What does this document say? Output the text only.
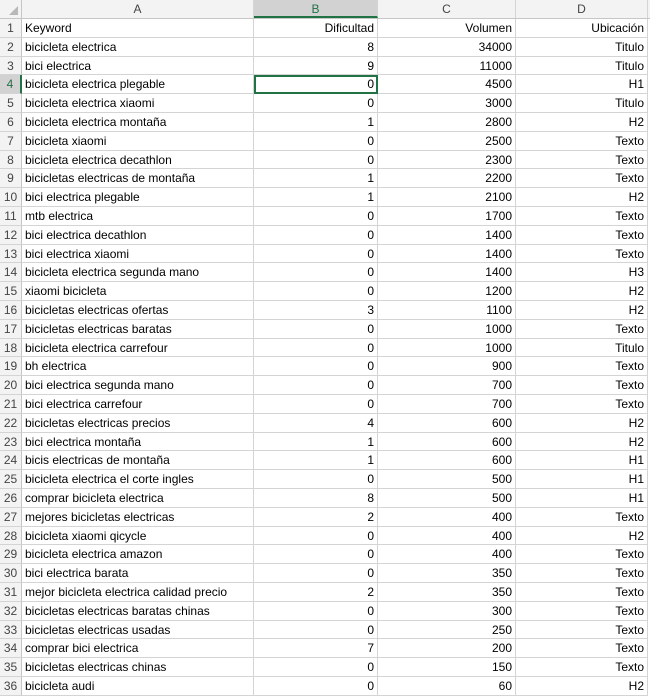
A	B	C	D
1 Keyword	Dificultad	Volumen	Ubicación
2 bicicleta electrica	8	34000	Titulo
3 bici electrica	9	11000	Titulo
4 bicicleta electrica plegable	0	4500	H1
5 bicicleta electrica xiaomi	0	3000	Titulo
6 bicicleta electrica montaña	1	2800	H2
7 bicicleta xiaomi	0	2500	Texto
8 bicicleta electrica decathlon	0	2300	Texto
9 bicicletas electricas de montaña	1	2200	Texto
10 bici electrica plegable	1	2100	H2
11 mtb electrica	0	1700	Texto
12 bici electrica decathlon	0	1400	Texto
13 bici electrica xiaomi	0	1400	Texto
14 bicicleta electrica segunda mano	0	1400	H3
15 xiaomi bicicleta	0	1200	H2
16 bicicletas electricas ofertas	3	1100	H2
17 bicicletas electricas baratas	0	1000	Texto
18 bicicleta electrica carrefour	0	1000	Titulo
19 bh electrica	0	900	Texto
20 bici electrica segunda mano	0	700	Texto
21 bici electrica carrefour	0	700	Texto
22 bicicletas electricas precios	4	600	H2
23 bici electrica montaña	1	600	H2
24 bicis electricas de montaña	1	600	H1
25 bicicleta electrica el corte ingles	0	500	H1
26 comprar bicicleta electrica	8	500	H1
27 mejores bicicletas electricas	2	400	Texto
28 bicicleta xiaomi qicycle	0	400	H2
29 bicicleta electrica amazon	0	400	Texto
30 bici electrica barata	0	350	Texto
31 mejor bicicleta electrica calidad precio	2	350	Texto
32 bicicletas electricas baratas chinas	0	300	Texto
33 bicicletas electricas usadas	0	250	Texto
34 comprar bici electrica	7	200	Texto
35 bicicletas electricas chinas	0	150	Texto
36 bicicleta audi	0	60	H2
